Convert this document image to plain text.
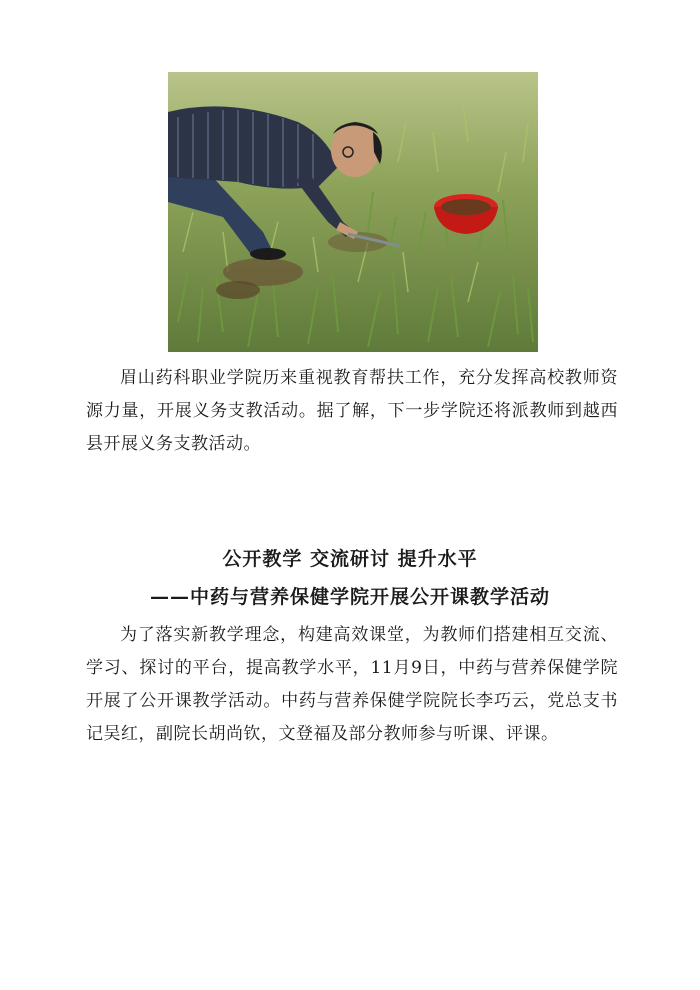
眉山药科职业学院历来重视教育帮扶工作，充分发挥高校教师资源力量，开展义务支教活动。据了解，下一步学院还将派教师到越西县开展义务支教活动。

公开教学 交流研讨 提升水平
——中药与营养保健学院开展公开课教学活动

为了落实新教学理念，构建高效课堂，为教师们搭建相互交流、学习、探讨的平台，提高教学水平，11月9日，中药与营养保健学院开展了公开课教学活动。中药与营养保健学院院长李巧云，党总支书记吴红，副院长胡尚钦，文登福及部分教师参与听课、评课。
